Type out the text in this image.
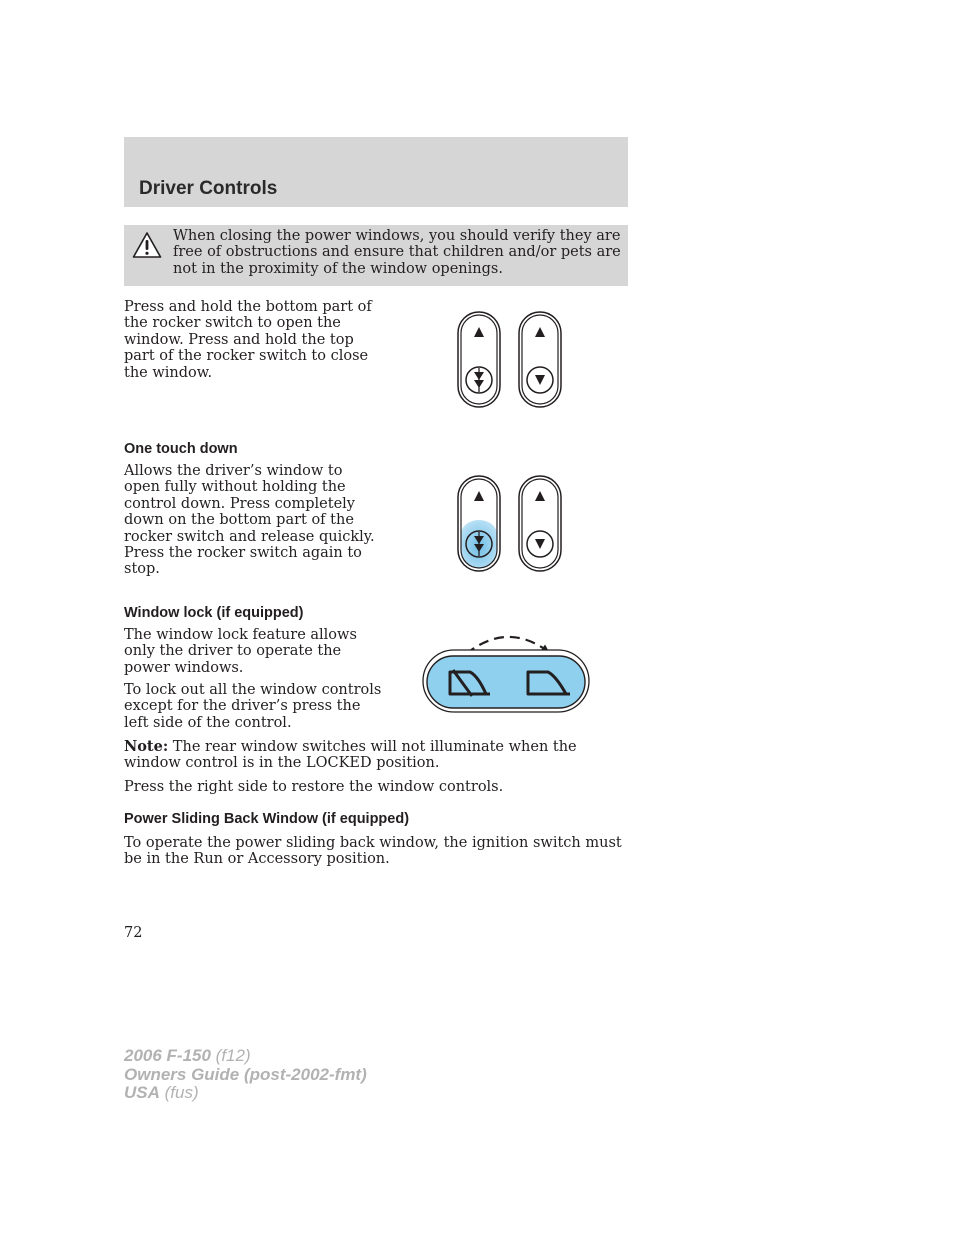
Driver Controls

When closing the power windows, you should verify they are free of obstructions and ensure that children and/or pets are not in the proximity of the window openings.

Press and hold the bottom part of the rocker switch to open the window. Press and hold the top part of the rocker switch to close the window.

One touch down

Allows the driver’s window to open fully without holding the control down. Press completely down on the bottom part of the rocker switch and release quickly. Press the rocker switch again to stop.

Window lock (if equipped)

The window lock feature allows only the driver to operate the power windows.

To lock out all the window controls except for the driver’s press the left side of the control.

Note: The rear window switches will not illuminate when the window control is in the LOCKED position.

Press the right side to restore the window controls.

Power Sliding Back Window (if equipped)

To operate the power sliding back window, the ignition switch must be in the Run or Accessory position.

72
2006 F-150 (f12)
Owners Guide (post-2002-fmt)
USA (fus)
